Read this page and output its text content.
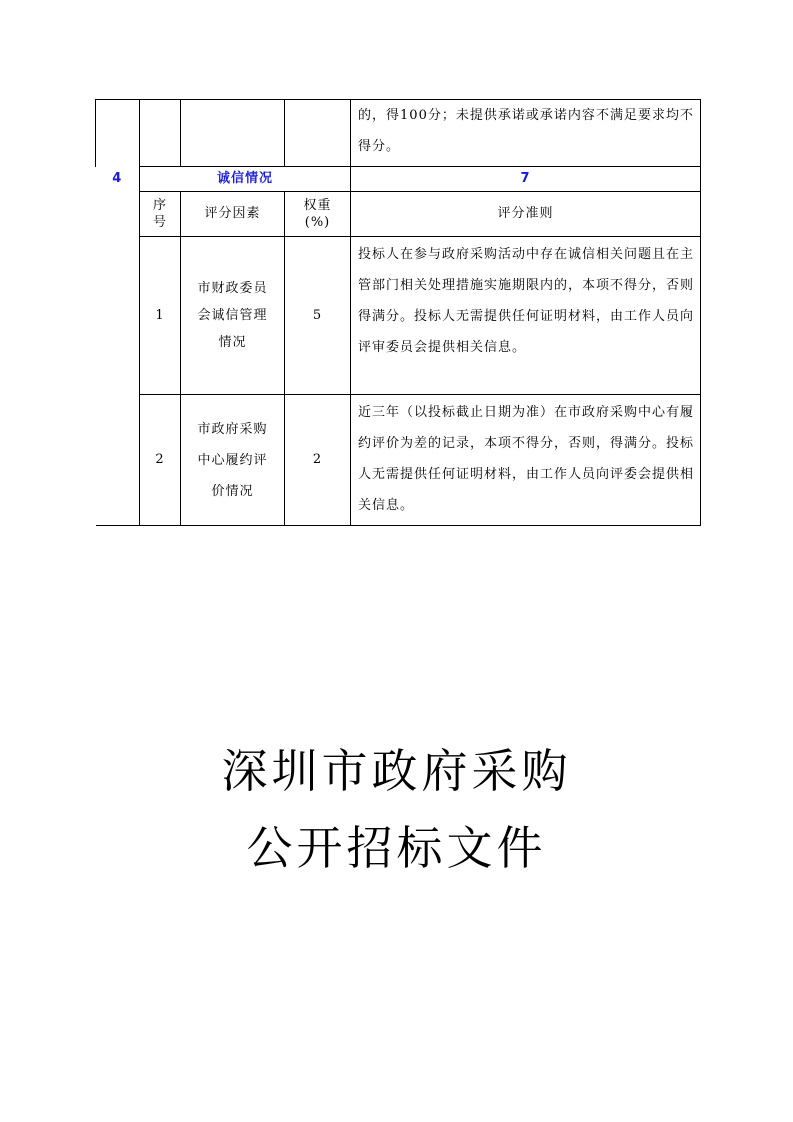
				的，得100分；未提供承诺或承诺内容不满足要求均不得分。
4	诚信情况			7
	序号	评分因素	权重(%)	评分准则
	1	市财政委员会诚信管理情况	5	投标人在参与政府采购活动中存在诚信相关问题且在主管部门相关处理措施实施期限内的，本项不得分，否则得满分。投标人无需提供任何证明材料，由工作人员向评审委员会提供相关信息。
	2	市政府采购中心履约评价情况	2	近三年（以投标截止日期为准）在市政府采购中心有履约评价为差的记录，本项不得分，否则，得满分。投标人无需提供任何证明材料，由工作人员向评委会提供相关信息。
深圳市政府采购
公开招标文件
